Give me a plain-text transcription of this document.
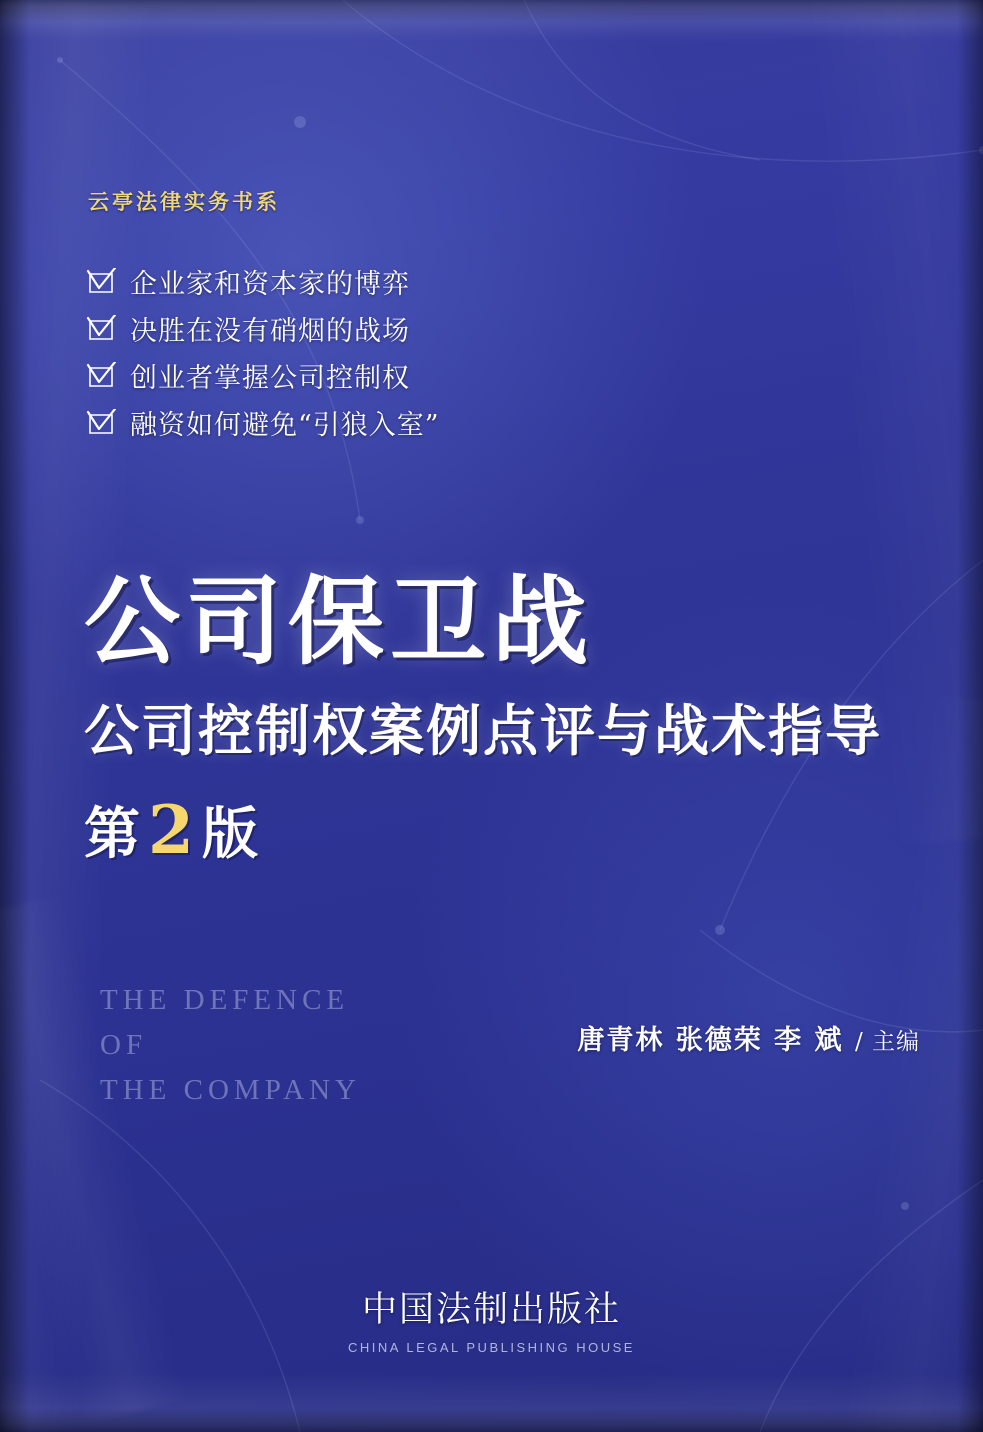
云亭法律实务书系
企业家和资本家的博弈
决胜在没有硝烟的战场
创业者掌握公司控制权
融资如何避免“引狼入室”
公司保卫战
公司控制权案例点评与战术指导
第2 版
THE DEFENCE
OF
THE COMPANY
唐青林 张德荣 李 斌 / 主编
中国法制出版社
CHINA LEGAL PUBLISHING HOUSE
